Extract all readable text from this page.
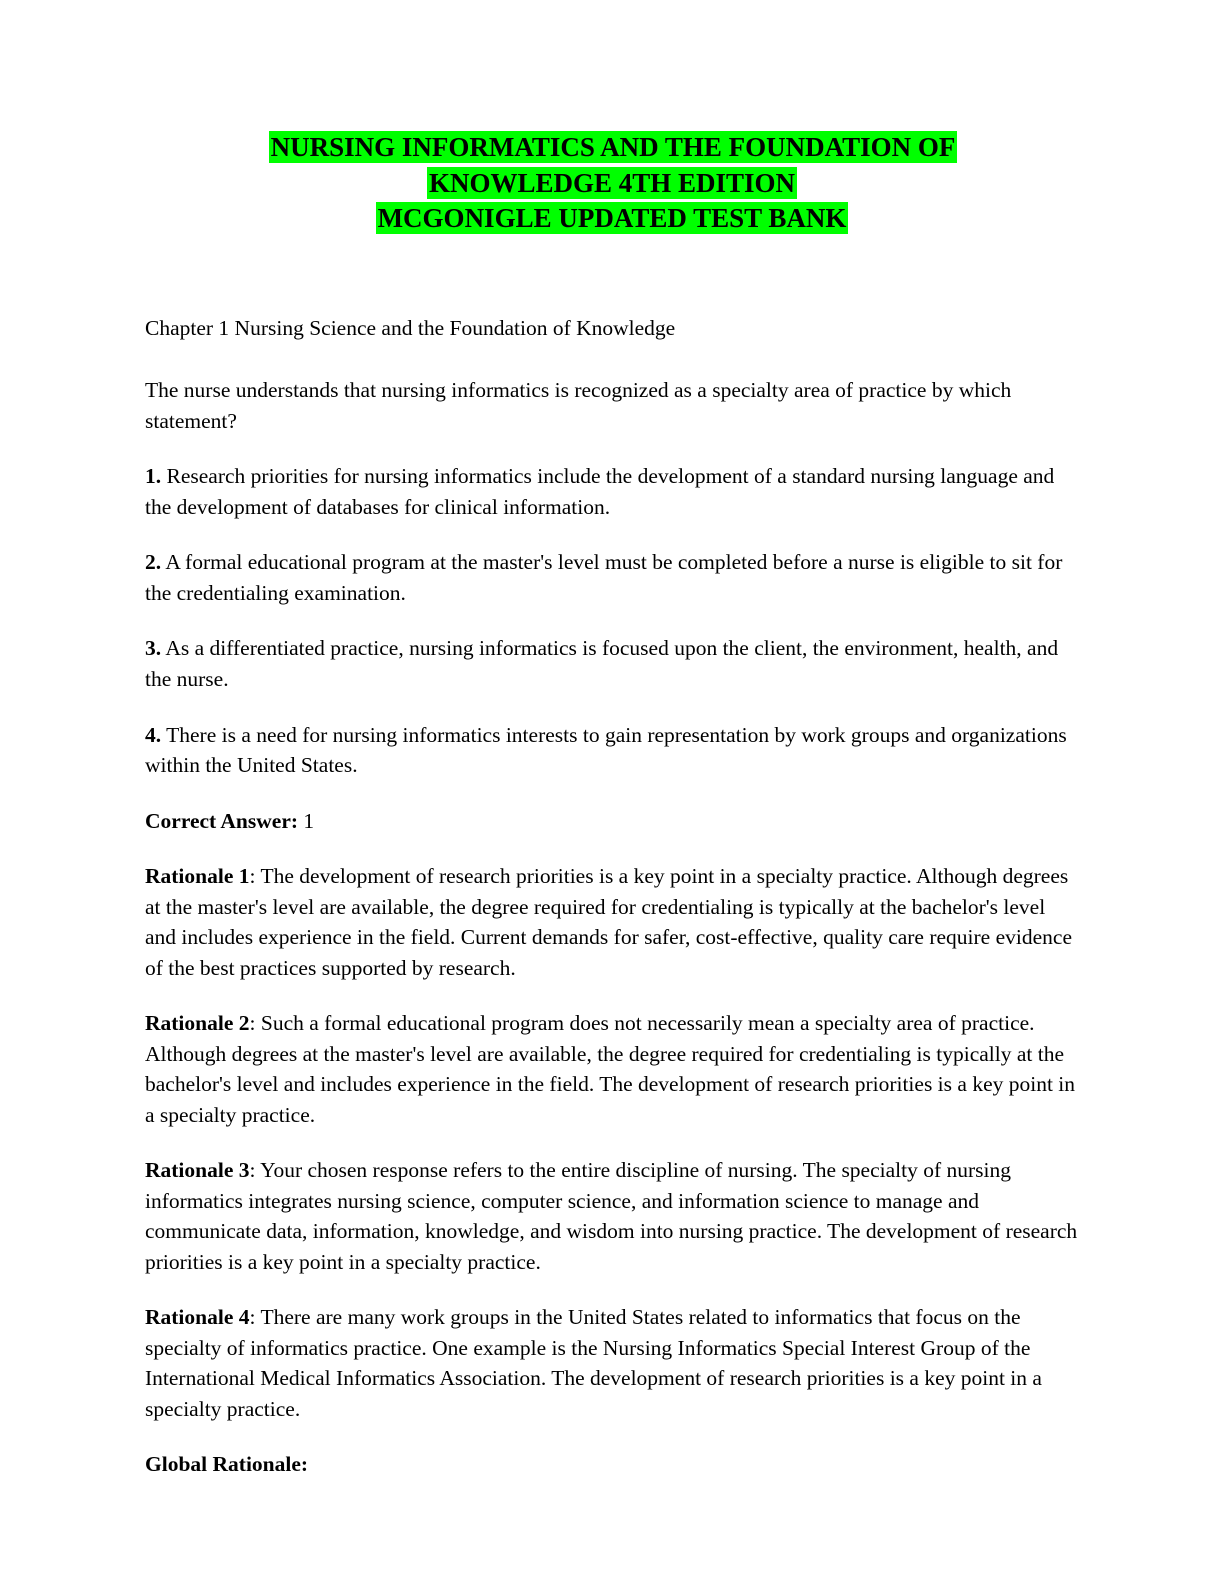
NURSING INFORMATICS AND THE FOUNDATION OF
KNOWLEDGE 4TH EDITION
MCGONIGLE UPDATED TEST BANK

Chapter 1 Nursing Science and the Foundation of Knowledge

The nurse understands that nursing informatics is recognized as a specialty area of practice by which statement?

1. Research priorities for nursing informatics include the development of a standard nursing language and the development of databases for clinical information.

2. A formal educational program at the master's level must be completed before a nurse is eligible to sit for the credentialing examination.

3. As a differentiated practice, nursing informatics is focused upon the client, the environment, health, and the nurse.

4. There is a need for nursing informatics interests to gain representation by work groups and organizations within the United States.

Correct Answer: 1

Rationale 1: The development of research priorities is a key point in a specialty practice. Although degrees at the master's level are available, the degree required for credentialing is typically at the bachelor's level and includes experience in the field. Current demands for safer, cost-effective, quality care require evidence of the best practices supported by research.

Rationale 2: Such a formal educational program does not necessarily mean a specialty area of practice. Although degrees at the master's level are available, the degree required for credentialing is typically at the bachelor's level and includes experience in the field. The development of research priorities is a key point in a specialty practice.

Rationale 3: Your chosen response refers to the entire discipline of nursing. The specialty of nursing informatics integrates nursing science, computer science, and information science to manage and communicate data, information, knowledge, and wisdom into nursing practice. The development of research priorities is a key point in a specialty practice.

Rationale 4: There are many work groups in the United States related to informatics that focus on the specialty of informatics practice. One example is the Nursing Informatics Special Interest Group of the International Medical Informatics Association. The development of research priorities is a key point in a specialty practice.

Global Rationale:
